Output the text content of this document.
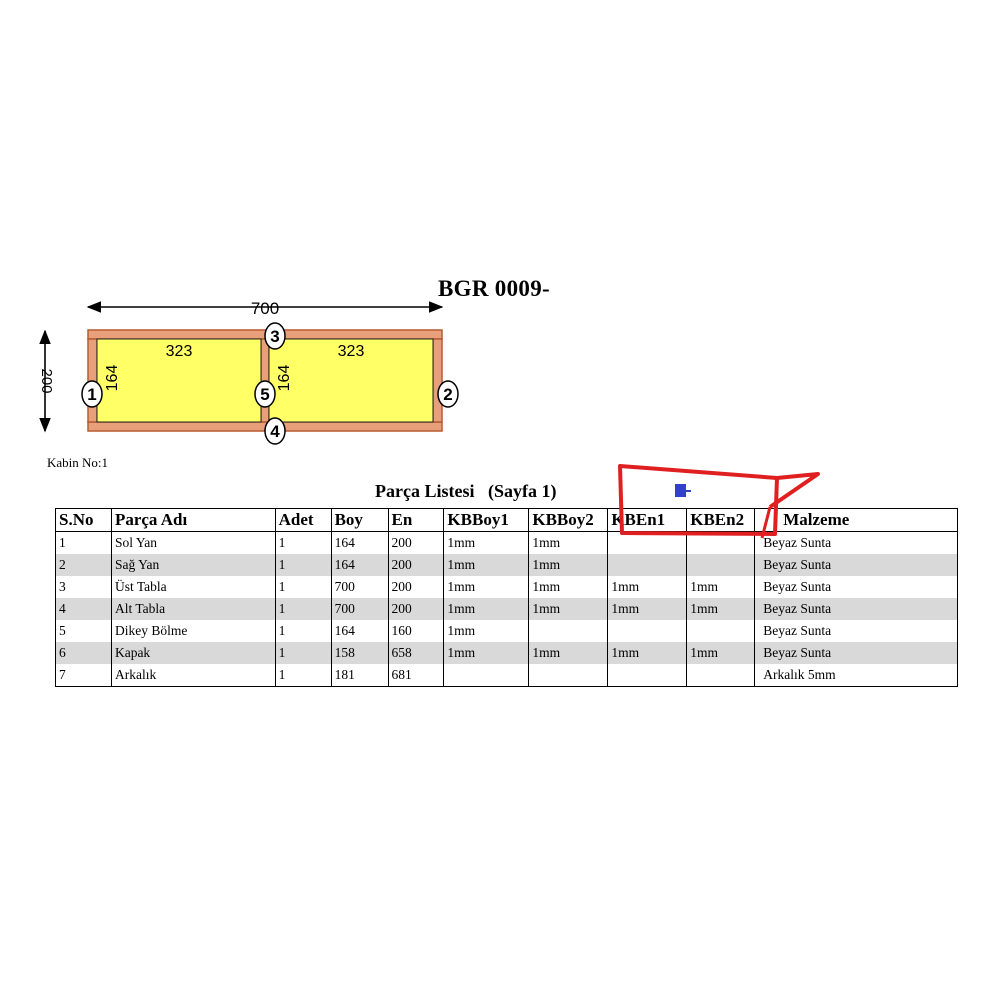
700
200
323	323
164	164
1	2
3
4
5
BGR 0009-
Kabin No:1
Parça Listesi (Sayfa 1)
S.No	Parça Adı	Adet	Boy	En	KBBoy1	KBBoy2	KBEn1	KBEn2	Malzeme
1	Sol Yan	1	164	200	1mm	1mm			Beyaz Sunta
2	Sağ Yan	1	164	200	1mm	1mm			Beyaz Sunta
3	Üst Tabla	1	700	200	1mm	1mm	1mm	1mm	Beyaz Sunta
4	Alt Tabla	1	700	200	1mm	1mm	1mm	1mm	Beyaz Sunta
5	Dikey Bölme	1	164	160	1mm				Beyaz Sunta
6	Kapak	1	158	658	1mm	1mm	1mm	1mm	Beyaz Sunta
7	Arkalık	1	181	681					Arkalık 5mm
